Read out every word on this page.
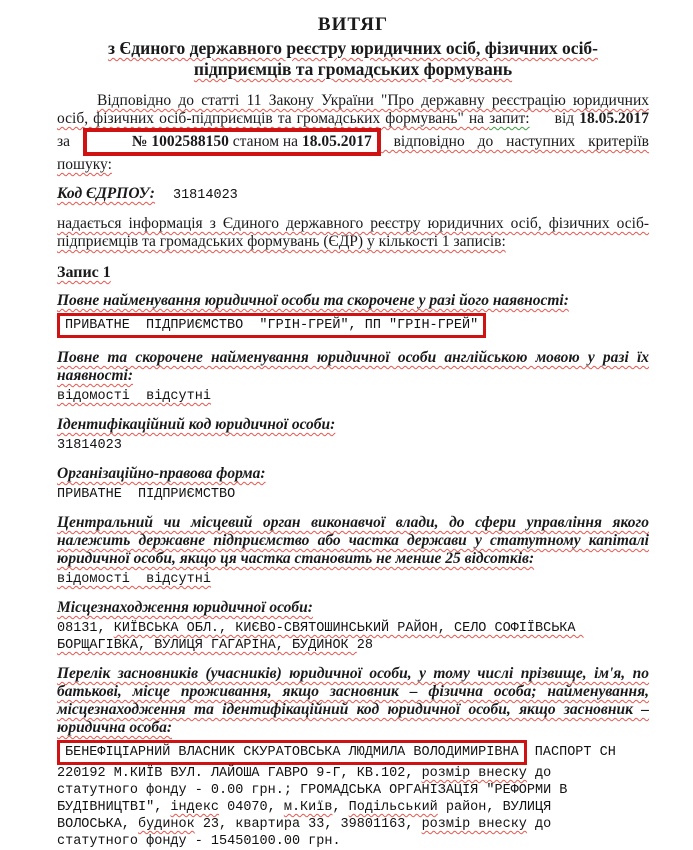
ВИТЯГ
з Єдиного державного реєстру юридичних осіб, фізичних осіб-підприємців та громадських формувань

Відповідно до статті 11 Закону України "Про державну реєстрацію юридичних осіб, фізичних осіб-підприємців та громадських формувань" на запит: від 18.05.2017 за	№ 1002588150 станом на 18.05.2017 відповідно до наступних критеріїв пошуку:

Код ЄДРПОУ: 31814023

надається інформація з Єдиного державного реєстру юридичних осіб, фізичних осіб-підприємців та громадських формувань (ЄДР) у кількості 1 записів:

Запис 1
Повне найменування юридичної особи та скорочене у разі його наявності:
ПРИВАТНЕ  ПІДПРИЄМСТВО  "ГРІН-ГРЕЙ", ПП "ГРІН-ГРЕЙ"
Повне та скорочене найменування юридичної особи англійською мовою у разі їх наявності:
відомості  відсутні
Ідентифікаційний код юридичної особи:
31814023
Організаційно-правова форма:
ПРИВАТНЕ  ПІДПРИЄМСТВО
Центральний чи місцевий орган виконавчої влади, до сфери управління якого належить державне підприємство або частка держави у статутному капіталі юридичної особи, якщо ця частка становить не менше 25 відсотків:
відомості  відсутні
Місцезнаходження юридичної особи:
08131, КИЇВСЬКА ОБЛ., КИЄВО-СВЯТОШИНСЬКИЙ РАЙОН, СЕЛО СОФІЇВСЬКА БОРЩАГІВКА, ВУЛИЦЯ ГАГАРІНА, БУДИНОК 28
Перелік засновників (учасників) юридичної особи, у тому числі прізвище, ім'я, по батькові, місце проживання, якщо засновник – фізична особа; найменування, місцезнаходження та ідентифікаційний код юридичної особи, якщо засновник – юридична особа:
БЕНЕФІЦІАРНИЙ ВЛАСНИК СКУРАТОВСЬКА ЛЮДМИЛА ВОЛОДИМИРІВНА ПАСПОРТ СН 220192 М.КИЇВ ВУЛ. ЛАЙОША ГАВРО 9-Г, КВ.102, розмір внеску до статутного фонду - 0.00 грн.; ГРОМАДСЬКА ОРГАНІЗАЦІЯ "РЕФОРМИ В БУДІВНИЦТВІ", індекс 04070, м.Київ, Подільський район, ВУЛИЦЯ ВОЛОСЬКА, будинок 23, квартира 33, 39801163, розмір внеску до статутного фонду - 15450100.00 грн.
